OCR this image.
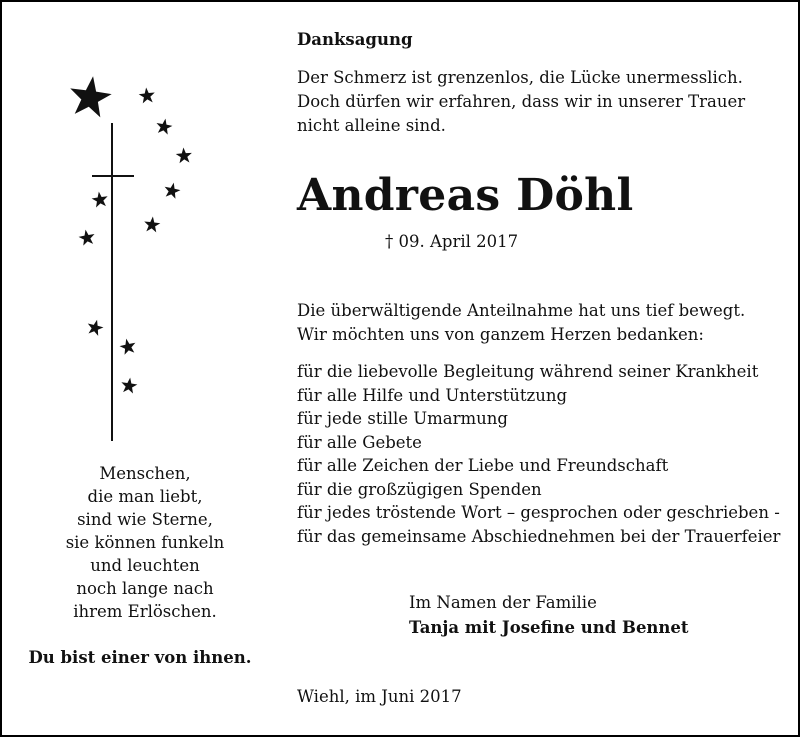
Menschen,
die man liebt,
sind wie Sterne,
sie können funkeln
und leuchten
noch lange nach
ihrem Erlöschen.
Du bist einer von ihnen.
Danksagung
Der Schmerz ist grenzenlos, die Lücke unermesslich.
Doch dürfen wir erfahren, dass wir in unserer Trauer
nicht alleine sind.
Andreas Döhl
† 09. April 2017
Die überwältigende Anteilnahme hat uns tief bewegt.
Wir möchten uns von ganzem Herzen bedanken:
für die liebevolle Begleitung während seiner Krankheit
für alle Hilfe und Unterstützung
für jede stille Umarmung
für alle Gebete
für alle Zeichen der Liebe und Freundschaft
für die großzügigen Spenden
für jedes tröstende Wort – gesprochen oder geschrieben -
für das gemeinsame Abschiednehmen bei der Trauerfeier
Im Namen der Familie
Tanja mit Josefine und Bennet
Wiehl, im Juni 2017
